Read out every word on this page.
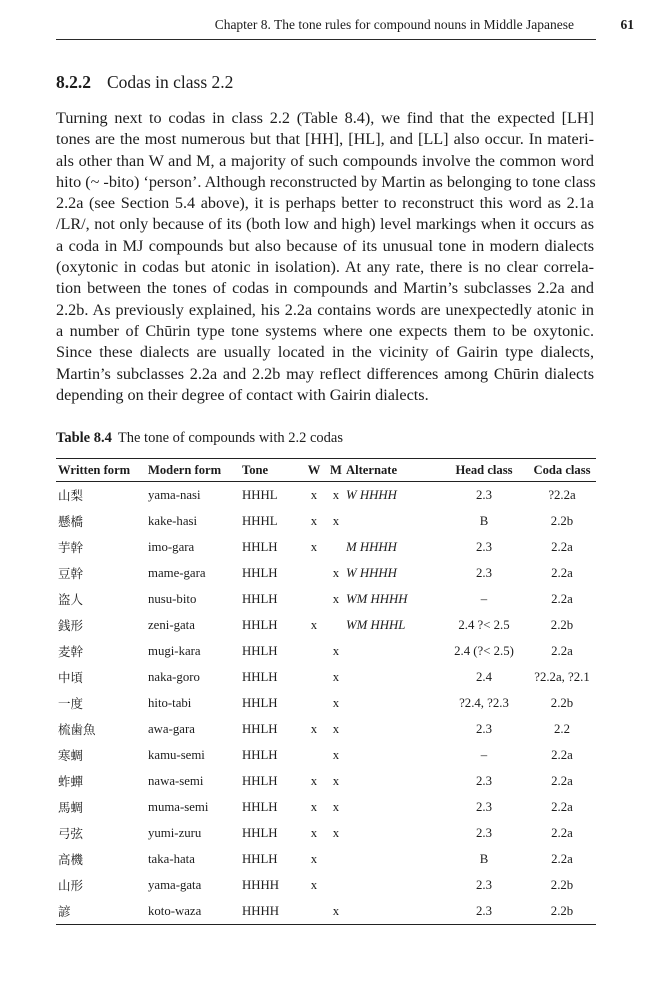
Chapter 8. The tone rules for compound nouns in Middle Japanese	61
8.2.2 Codas in class 2.2

Turning next to codas in class 2.2 (Table 8.4), we find that the expected [LH]
tones are the most numerous but that [HH], [HL], and [LL] also occur. In materi-
als other than W and M, a majority of such compounds involve the common word
hito (~ -bito) ‘person’. Although reconstructed by Martin as belonging to tone class
2.2a (see Section 5.4 above), it is perhaps better to reconstruct this word as 2.1a
/LR/, not only because of its (both low and high) level markings when it occurs as
a coda in MJ compounds but also because of its unusual tone in modern dialects
(oxytonic in codas but atonic in isolation). At any rate, there is no clear correla-
tion between the tones of codas in compounds and Martin’s subclasses 2.2a and
2.2b. As previously explained, his 2.2a contains words are unexpectedly atonic in
a number of Chūrin type tone systems where one expects them to be oxytonic.
Since these dialects are usually located in the vicinity of Gairin type dialects,
Martin’s subclasses 2.2a and 2.2b may reflect differences among Chūrin dialects
depending on their degree of contact with Gairin dialects.

Table 8.4 The tone of compounds with 2.2 codas
Written form	Modern form	Tone	W	M	Alternate	Head class	Coda class
山梨	yama-nasi	HHHL	x	x	W HHHH	2.3	?2.2a
懸橋	kake-hasi	HHHL	x	x		B	2.2b
芋幹	imo-gara	HHLH	x		M HHHH	2.3	2.2a
豆幹	mame-gara	HHLH		x	W HHHH	2.3	2.2a
盗人	nusu-bito	HHLH		x	WM HHHH	–	2.2a
銭形	zeni-gata	HHLH	x		WM HHHL	2.4 ?< 2.5	2.2b
麦幹	mugi-kara	HHLH		x		2.4 (?< 2.5)	2.2a
中頃	naka-goro	HHLH		x		2.4	?2.2a, ?2.1
一度	hito-tabi	HHLH		x		?2.4, ?2.3	2.2b
梳歯魚	awa-gara	HHLH	x	x		2.3	2.2
寒蜩	kamu-semi	HHLH		x		–	2.2a
蚱蟬	nawa-semi	HHLH	x	x		2.3	2.2a
馬蜩	muma-semi	HHLH	x	x		2.3	2.2a
弓弦	yumi-zuru	HHLH	x	x		2.3	2.2a
高機	taka-hata	HHLH	x			B	2.2a
山形	yama-gata	HHHH	x			2.3	2.2b
諺	koto-waza	HHHH		x		2.3	2.2b
